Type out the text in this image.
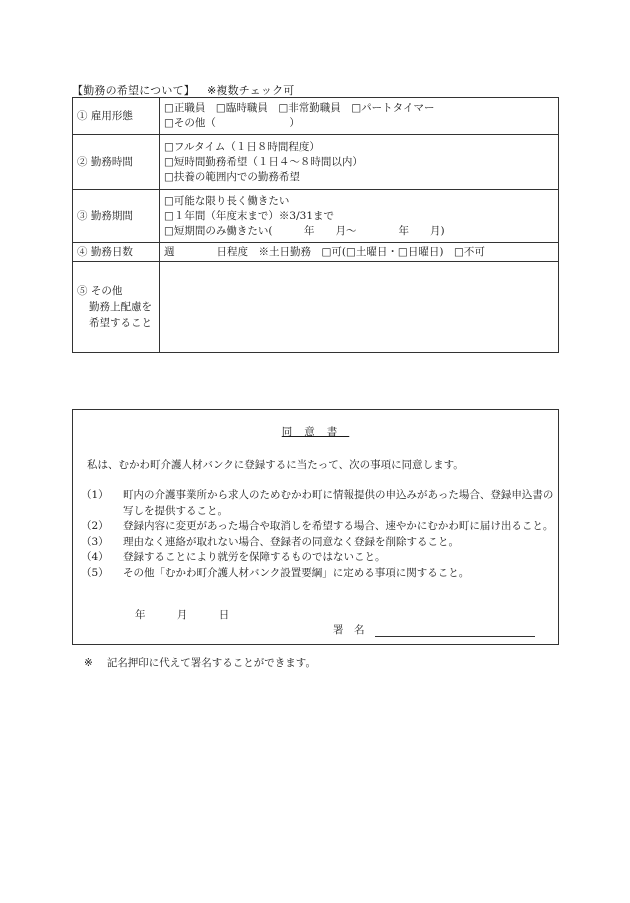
【勤務の希望について】 ※複数チェック可
① 雇用形態	□正職員　□臨時職員　□非常勤職員　□パートタイマー
□その他（　　　　　　　）

② 勤務時間	□フルタイム（１日８時間程度）
□短時間勤務希望（１日４～８時間以内）
□扶養の範囲内での勤務希望

③ 勤務期間	□可能な限り長く働きたい
□１年間（年度末まで）※3/31まで
□短期間のみ働きたい(　　　年　　月～　　　　年　　月)

④ 勤務日数	週　　　　日程度　※土日勤務　□可(□土曜日・□日曜日)　□不可

⑤ その他
勤務上配慮を
希望すること	

同意書
私は、むかわ町介護人材バンクに登録するに当たって、次の事項に同意します。
（1）	町内の介護事業所から求人のためむかわ町に情報提供の申込みがあった場合、登録申込書の写しを提供すること。
（2）	登録内容に変更があった場合や取消しを希望する場合、速やかにむかわ町に届け出ること。
（3）	理由なく連絡が取れない場合、登録者の同意なく登録を削除すること。
（4）	登録することにより就労を保障するものではないこと。
（5）	その他「むかわ町介護人材バンク設置要綱」に定める事項に関すること。
年	月	日
署　名
※ 記名押印に代えて署名することができます。
